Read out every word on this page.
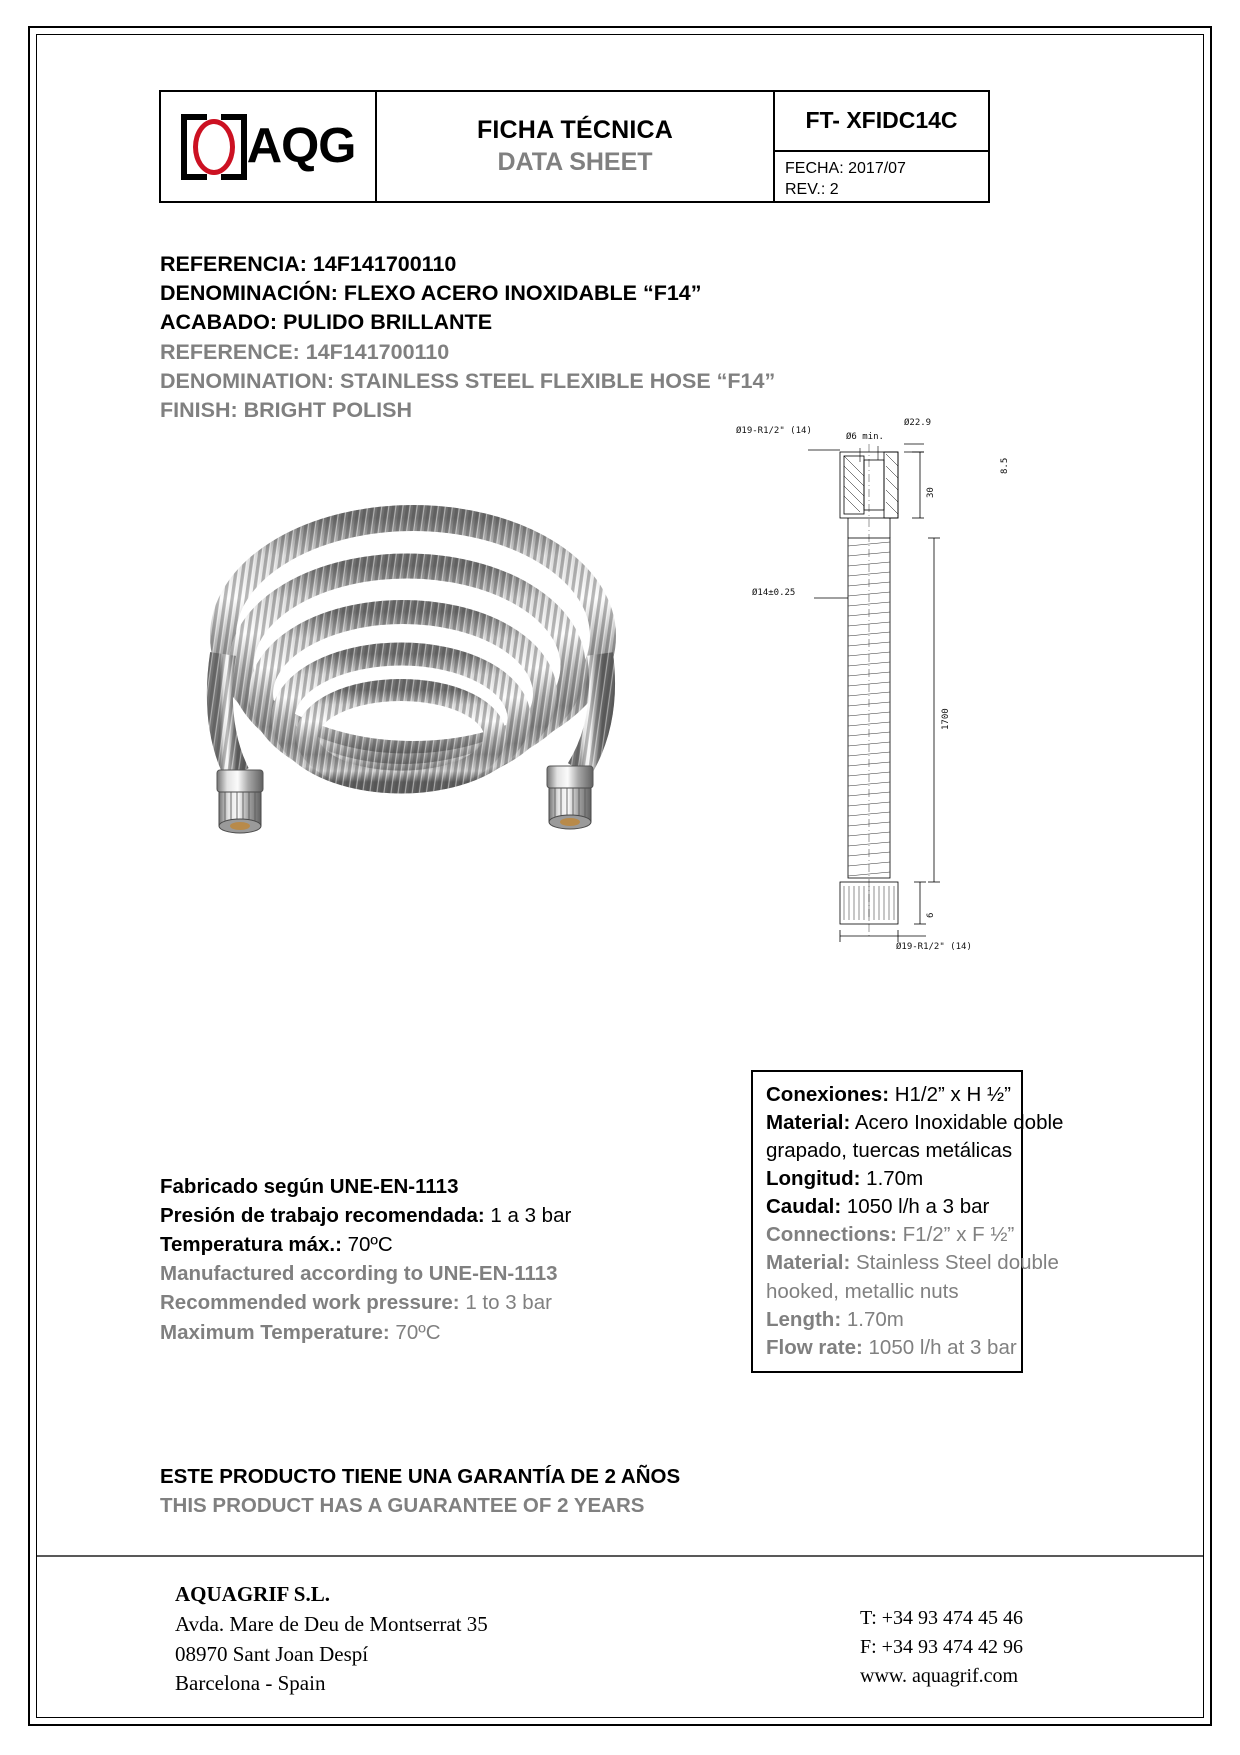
AQG	FICHA TÉCNICA
DATA SHEET
FT- XFIDC14C
FECHA: 2017/07
REV.: 2
REFERENCIA: 14F141700110
DENOMINACIÓN: FLEXO ACERO INOXIDABLE “F14”
ACABADO: PULIDO BRILLANTE
REFERENCE: 14F141700110
DENOMINATION: STAINLESS STEEL FLEXIBLE HOSE “F14”
FINISH: BRIGHT POLISH
Ø19-R1/2" (14)
Ø22.9
Ø6 min.
8.5
30
Ø14±0.25
1700
6
Ø19-R1/2" (14)
Fabricado según UNE-EN-1113
Presión de trabajo recomendada: 1 a 3 bar
Temperatura máx.: 70ºC
Manufactured according to UNE-EN-1113
Recommended work pressure: 1 to 3 bar
Maximum Temperature: 70ºC
Conexiones: H1/2” x H ½”
Material: Acero Inoxidable doble
grapado, tuercas metálicas
Longitud: 1.70m
Caudal: 1050 l/h a 3 bar
Connections: F1/2” x F ½”
Material: Stainless Steel double
hooked, metallic nuts
Length: 1.70m
Flow rate: 1050 l/h at 3 bar
ESTE PRODUCTO TIENE UNA GARANTÍA DE 2 AÑOS
THIS PRODUCT HAS A GUARANTEE OF 2 YEARS
AQUAGRIF S.L.
Avda. Mare de Deu de Montserrat 35
08970 Sant Joan Despí
Barcelona - Spain
T: +34 93 474 45 46
F: +34 93 474 42 96
www. aquagrif.com
